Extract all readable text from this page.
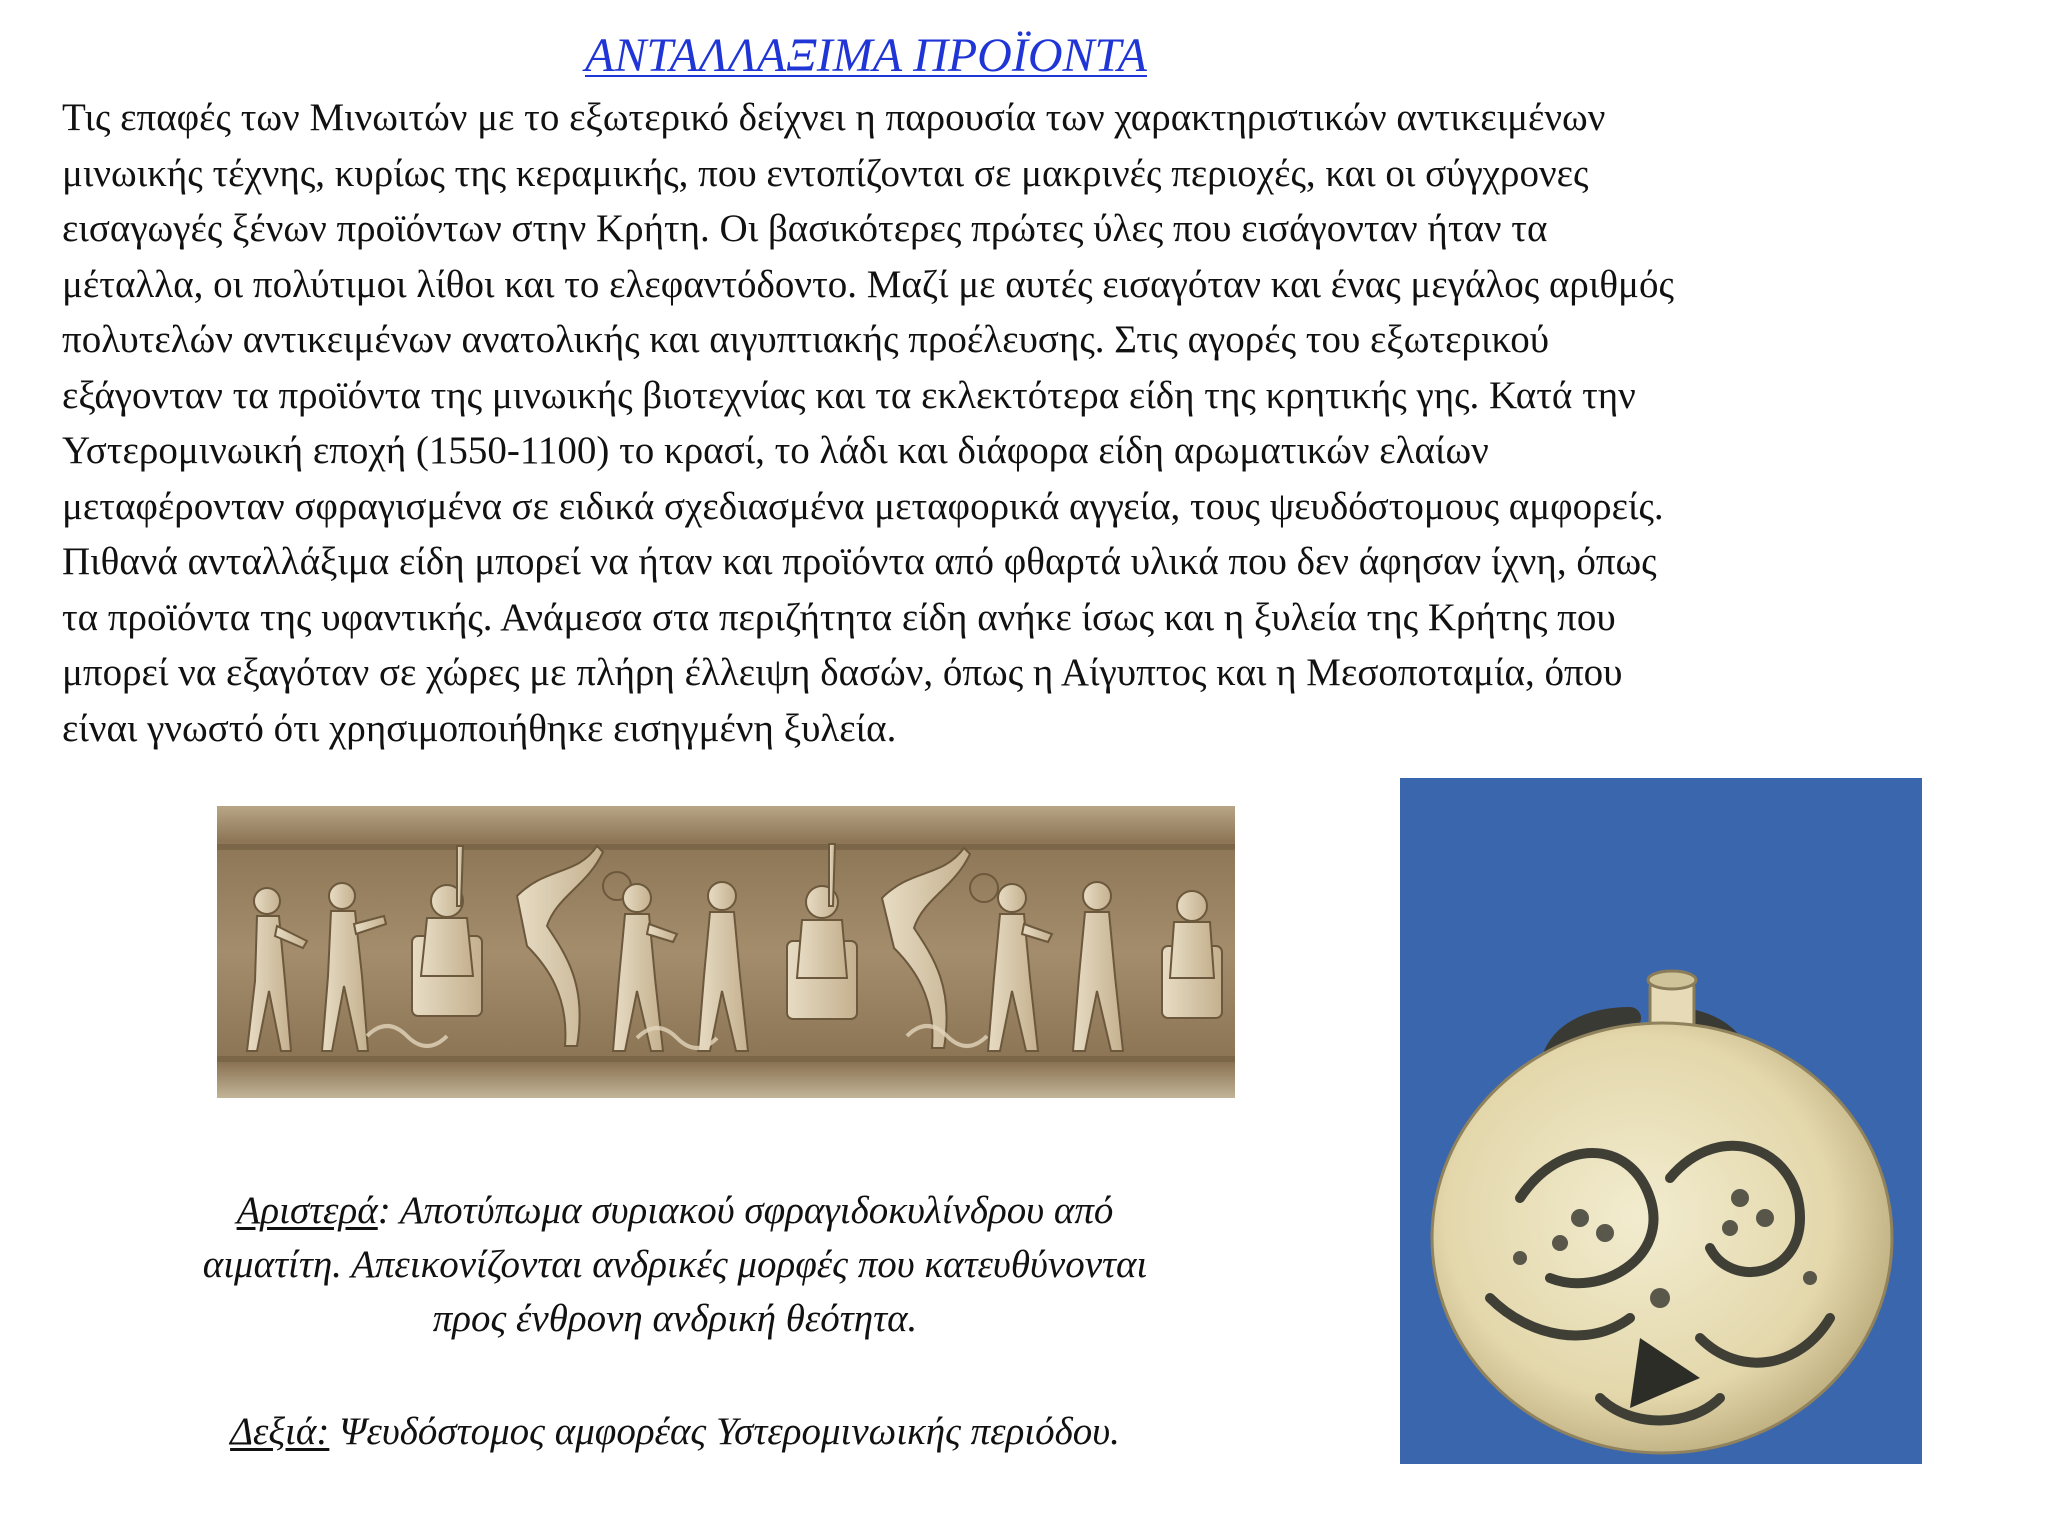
ΑΝΤΑΛΛΑΞΙΜΑ ΠΡΟΪΟΝΤΑ
Τις επαφές των Μινωιτών με το εξωτερικό δείχνει η παρουσία των χαρακτηριστικών αντικειμένων
μινωικής τέχνης, κυρίως της κεραμικής, που εντοπίζονται σε μακρινές περιοχές, και οι σύγχρονες
εισαγωγές ξένων προϊόντων στην Κρήτη. Οι βασικότερες πρώτες ύλες που εισάγονταν ήταν τα
μέταλλα, οι πολύτιμοι λίθοι και το ελεφαντόδοντο. Μαζί με αυτές εισαγόταν και ένας μεγάλος αριθμός
πολυτελών αντικειμένων ανατολικής και αιγυπτιακής προέλευσης. Στις αγορές του εξωτερικού
εξάγονταν τα προϊόντα της μινωικής βιοτεχνίας και τα εκλεκτότερα είδη της κρητικής γης. Κατά την
Υστερομινωική εποχή (1550-1100) το κρασί, το λάδι και διάφορα είδη αρωματικών ελαίων
μεταφέρονταν σφραγισμένα σε ειδικά σχεδιασμένα μεταφορικά αγγεία, τους ψευδόστομους αμφορείς.
Πιθανά ανταλλάξιμα είδη μπορεί να ήταν και προϊόντα από φθαρτά υλικά που δεν άφησαν ίχνη, όπως
τα προϊόντα της υφαντικής. Ανάμεσα στα περιζήτητα είδη ανήκε ίσως και η ξυλεία της Κρήτης που
μπορεί να εξαγόταν σε χώρες με πλήρη έλλειψη δασών, όπως η Αίγυπτος και η Μεσοποταμία, όπου
είναι γνωστό ότι χρησιμοποιήθηκε εισηγμένη ξυλεία.
Αριστερά: Αποτύπωμα συριακού σφραγιδοκυλίνδρου από
αιματίτη. Απεικονίζονται ανδρικές μορφές που κατευθύνονται
προς ένθρονη ανδρική θεότητα.
Δεξιά: Ψευδόστομος αμφορέας Υστερομινωικής περιόδου.
